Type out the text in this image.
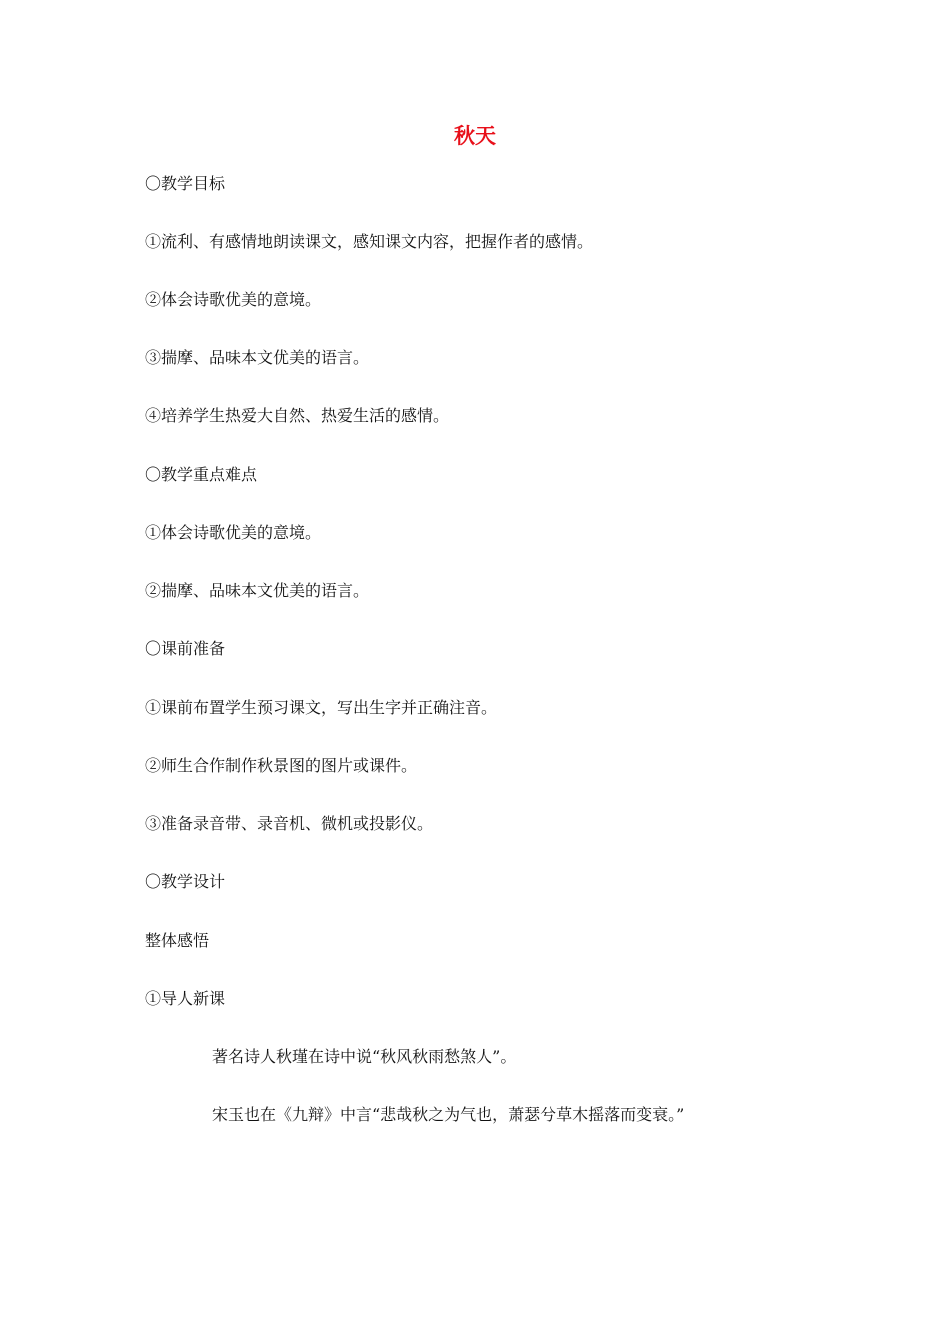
秋天
〇教学目标
①流利、有感情地朗读课文，感知课文内容，把握作者的感情。
②体会诗歌优美的意境。
③揣摩、品味本文优美的语言。
④培养学生热爱大自然、热爱生活的感情。
〇教学重点难点
①体会诗歌优美的意境。
②揣摩、品味本文优美的语言。
〇课前准备
①课前布置学生预习课文，写出生字并正确注音。
②师生合作制作秋景图的图片或课件。
③准备录音带、录音机、微机或投影仪。
〇教学设计
整体感悟
①导人新课
著名诗人秋瑾在诗中说“秋风秋雨愁煞人”。
宋玉也在《九辩》中言“悲哉秋之为气也，萧瑟兮草木摇落而变衰。”
